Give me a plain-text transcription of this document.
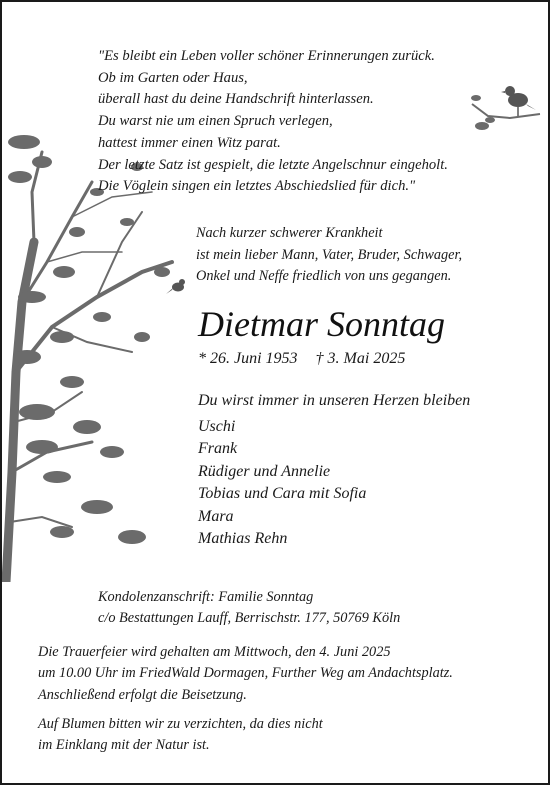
"Es bleibt ein Leben voller schöner Erinnerungen zurück.
Ob im Garten oder Haus,
überall hast du deine Handschrift hinterlassen.
Du warst nie um einen Spruch verlegen,
hattest immer einen Witz parat.
Der letzte Satz ist gespielt, die letzte Angelschnur eingeholt.
Die Vöglein singen ein letztes Abschiedslied für dich."
Nach kurzer schwerer Krankheit
ist mein lieber Mann, Vater, Bruder, Schwager,
Onkel und Neffe friedlich von uns gegangen.
Dietmar Sonntag
* 26. Juni 1953 † 3. Mai 2025
Du wirst immer in unseren Herzen bleiben
Uschi
Frank
Rüdiger und Annelie
Tobias und Cara mit Sofia
Mara
Mathias Rehn
Kondolenzanschrift: Familie Sonntag
c/o Bestattungen Lauff, Berrischstr. 177, 50769 Köln
Die Trauerfeier wird gehalten am Mittwoch, den 4. Juni 2025
um 10.00 Uhr im FriedWald Dormagen, Further Weg am Andachtsplatz.
Anschließend erfolgt die Beisetzung.
Auf Blumen bitten wir zu verzichten, da dies nicht
im Einklang mit der Natur ist.
